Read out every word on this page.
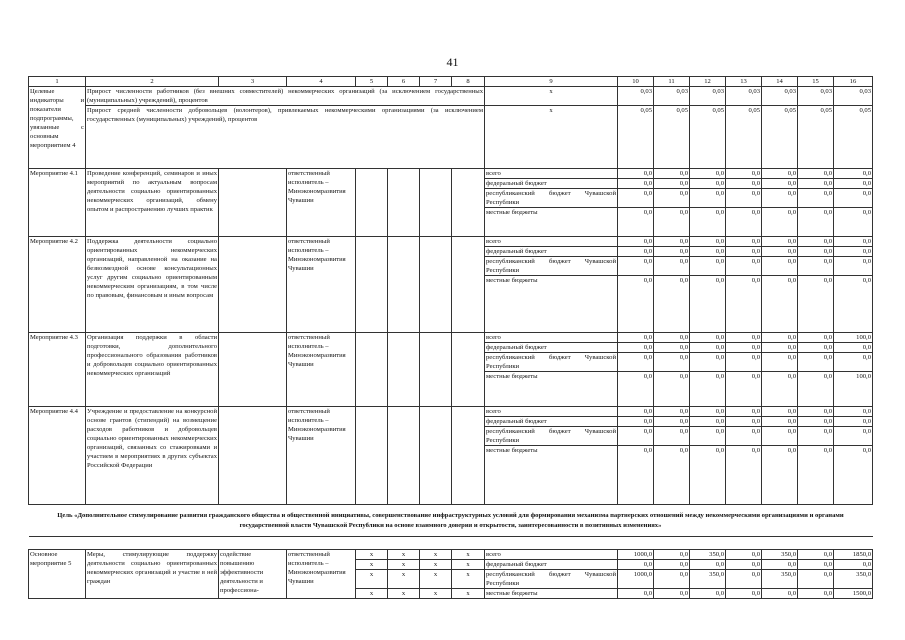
41
1	2	3	4	5	6	7	8	9	10	11	12	13	14	15	16
Целевые индикаторы и показатели подпрограммы, увязанные с основным мероприятием 4	Прирост численности работников (без внешних совместителей) некоммерческих организаций (за исключением государственных (муниципальных) учреждений), процентов							x	0,03	0,03	0,03	0,03	0,03	0,03	0,03
	Прирост средней численности добровольцев (волонтеров), привлекаемых некоммерческими организациями (за исключением государственных (муниципальных) учреждений), процентов							x	0,05	0,05	0,05	0,05	0,05	0,05	0,05
Мероприятие 4.1	Проведение конференций, семинаров и иных мероприятий по актуальным вопросам деятельности социально ориентированных некоммерческих организаций, обмену опытом и распространению лучших практик		ответственный исполнитель – Минэкономразвития Чувашии					всего	0,0	0,0	0,0	0,0	0,0	0,0	0,0
								федеральный бюджет	0,0	0,0	0,0	0,0	0,0	0,0	0,0
								республиканский бюджет Чувашской Республики	0,0	0,0	0,0	0,0	0,0	0,0	0,0
								местные бюджеты	0,0	0,0	0,0	0,0	0,0	0,0	0,0
Мероприятие 4.2	Поддержка деятельности социально ориентированных некоммерческих организаций, направленной на оказание на безвозмездной основе консультационных услуг другим социально ориентированным некоммерческим организациям, в том числе по правовым, финансовым и иным вопросам		ответственный исполнитель – Минэкономразвития Чувашии					всего	0,0	0,0	0,0	0,0	0,0	0,0	0,0
								федеральный бюджет	0,0	0,0	0,0	0,0	0,0	0,0	0,0
								республиканский бюджет Чувашской Республики	0,0	0,0	0,0	0,0	0,0	0,0	0,0
								местные бюджеты	0,0	0,0	0,0	0,0	0,0	0,0	0,0
Мероприятие 4.3	Организация поддержки в области подготовки, дополнительного профессионального образования работников и добровольцев социально ориентированных некоммерческих организаций		ответственный исполнитель – Минэкономразвития Чувашии					всего	0,0	0,0	0,0	0,0	0,0	0,0	100,0
								федеральный бюджет	0,0	0,0	0,0	0,0	0,0	0,0	0,0
								республиканский бюджет Чувашской Республики	0,0	0,0	0,0	0,0	0,0	0,0	0,0
								местные бюджеты	0,0	0,0	0,0	0,0	0,0	0,0	100,0
Мероприятие 4.4	Учреждение и предоставление на конкурсной основе грантов (стипендий) на возмещение расходов работников и добровольцев социально ориентированных некоммерческих организаций, связанных со стажировками и участием в мероприятиях в других субъектах Российской Федерации		ответственный исполнитель – Минэкономразвития Чувашии					всего	0,0	0,0	0,0	0,0	0,0	0,0	0,0
								федеральный бюджет	0,0	0,0	0,0	0,0	0,0	0,0	0,0
								республиканский бюджет Чувашской Республики	0,0	0,0	0,0	0,0	0,0	0,0	0,0
								местные бюджеты	0,0	0,0	0,0	0,0	0,0	0,0	0,0
Цель «Дополнительное стимулирование развития гражданского общества и общественной инициативы, совершенствование инфраструктурных условий для формирования механизма партнерских отношений между некоммерческими организациями и органами государственной власти Чувашской Республики на основе взаимного доверия и открытости, заинтересованности в позитивных изменениях»															

Основное мероприятие 5	Меры, стимулирующие поддержку деятельности социально ориентированных некоммерческих организаций и участие в ней граждан	содействие повышению эффективности деятельности и профессиона-	ответственный исполнитель – Минэкономразвития Чувашии	x	x	x	x	всего	1000,0	0,0	350,0	0,0	350,0	0,0	1850,0
				x	x	x	x	федеральный бюджет	0,0	0,0	0,0	0,0	0,0	0,0	0,0
				x	x	x	x	республиканский бюджет Чувашской Республики	1000,0	0,0	350,0	0,0	350,0	0,0	350,0
				x	x	x	x	местные бюджеты	0,0	0,0	0,0	0,0	0,0	0,0	1500,0
